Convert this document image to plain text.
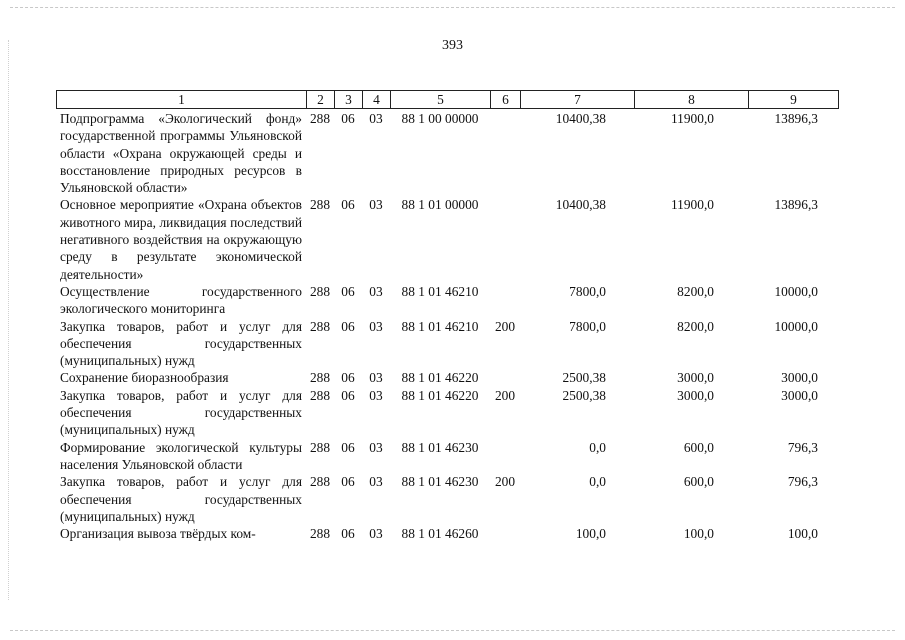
393
1	2	3	4	5	6	7	8	9
Подпрограмма «Экологический фонд» государственной программы Ульяновской области «Охрана окружающей среды и восстановление природных ресурсов в Ульяновской области»	288	06	03	88 1 00 00000		10400,38	11900,0	13896,3
Основное мероприятие «Охрана объектов животного мира, ликвидация последствий негативного воздействия на окружающую среду в результате экономической деятельности»	288	06	03	88 1 01 00000		10400,38	11900,0	13896,3
Осуществление государственного экологического мониторинга	288	06	03	88 1 01 46210		7800,0	8200,0	10000,0
Закупка товаров, работ и услуг для обеспечения государственных (муниципальных) нужд	288	06	03	88 1 01 46210	200	7800,0	8200,0	10000,0
Сохранение биоразнообразия	288	06	03	88 1 01 46220		2500,38	3000,0	3000,0
Закупка товаров, работ и услуг для обеспечения государственных (муниципальных) нужд	288	06	03	88 1 01 46220	200	2500,38	3000,0	3000,0
Формирование экологической культуры населения Ульяновской области	288	06	03	88 1 01 46230		0,0	600,0	796,3
Закупка товаров, работ и услуг для обеспечения государственных (муниципальных) нужд	288	06	03	88 1 01 46230	200	0,0	600,0	796,3
Организация вывоза твёрдых ком-	288	06	03	88 1 01 46260		100,0	100,0	100,0
